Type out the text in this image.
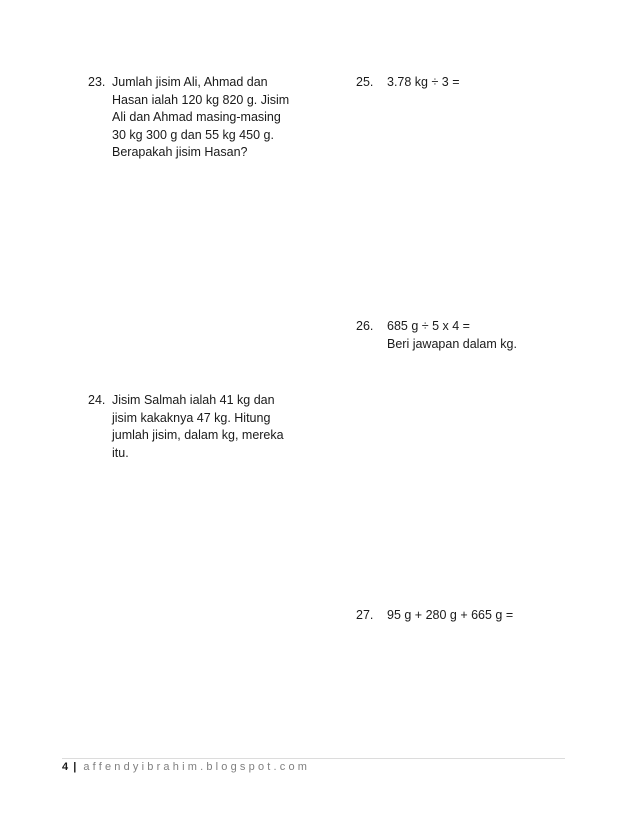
23. Jumlah jisim Ali, Ahmad dan
Hasan ialah 120 kg 820 g. Jisim
Ali dan Ahmad masing-masing
30 kg 300 g dan 55 kg 450 g.
Berapakah jisim Hasan?
24. Jisim Salmah ialah 41 kg dan
jisim kakaknya 47 kg. Hitung
jumlah jisim, dalam kg, mereka
itu.
25. 3.78 kg ÷ 3 =
26. 685 g ÷ 5 x 4 =
Beri jawapan dalam kg.
27. 95 g + 280 g + 665 g =
4 | affendyibrahim.blogspot.com
